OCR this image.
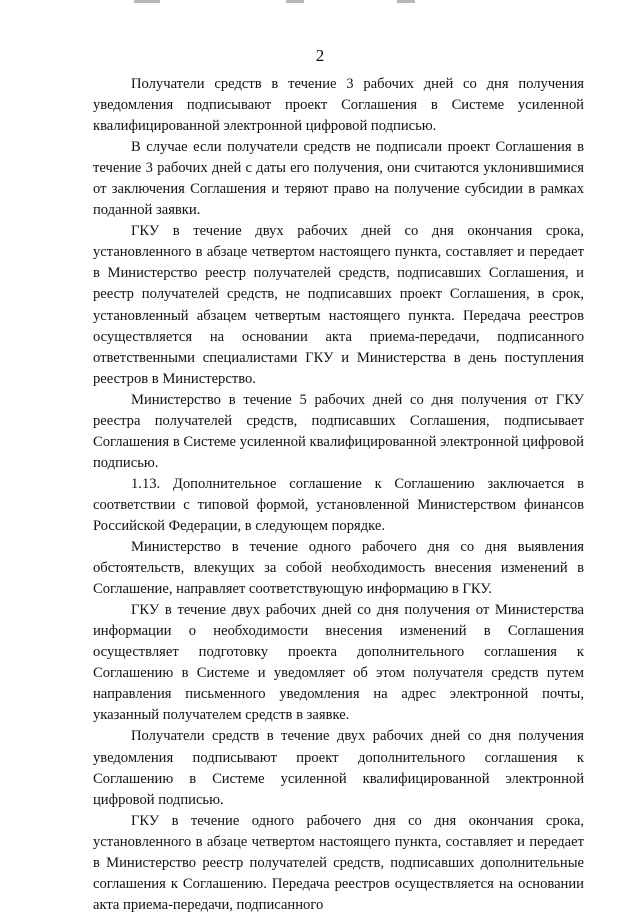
2

Получатели средств в течение 3 рабочих дней со дня получения уведомления подписывают проект Соглашения в Системе усиленной квалифицированной электронной цифровой подписью.

В случае если получатели средств не подписали проект Соглашения в течение 3 рабочих дней с даты его получения, они считаются уклонившимися от заключения Соглашения и теряют право на получение субсидии в рамках поданной заявки.

ГКУ в течение двух рабочих дней со дня окончания срока, установленного в абзаце четвертом настоящего пункта, составляет и передает в Министерство реестр получателей средств, подписавших Соглашения, и реестр получателей средств, не подписавших проект Соглашения, в срок, установленный абзацем четвертым настоящего пункта. Передача реестров осуществляется на основании акта приема-передачи, подписанного ответственными специалистами ГКУ и Министерства в день поступления реестров в Министерство.

Министерство в течение 5 рабочих дней со дня получения от ГКУ реестра получателей средств, подписавших Соглашения, подписывает Соглашения в Системе усиленной квалифицированной электронной цифровой подписью.

1.13. Дополнительное соглашение к Соглашению заключается в соответствии с типовой формой, установленной Министерством финансов Российской Федерации, в следующем порядке.

Министерство в течение одного рабочего дня со дня выявления обстоятельств, влекущих за собой необходимость внесения изменений в Соглашение, направляет соответствующую информацию в ГКУ.

ГКУ в течение двух рабочих дней со дня получения от Министерства информации о необходимости внесения изменений в Соглашения осуществляет подготовку проекта дополнительного соглашения к Соглашению в Системе и уведомляет об этом получателя средств путем направления письменного уведомления на адрес электронной почты, указанный получателем средств в заявке.

Получатели средств в течение двух рабочих дней со дня получения уведомления подписывают проект дополнительного соглашения к Соглашению в Системе усиленной квалифицированной электронной цифровой подписью.

ГКУ в течение одного рабочего дня со дня окончания срока, установленного в абзаце четвертом настоящего пункта, составляет и передает в Министерство реестр получателей средств, подписавших дополнительные соглашения к Соглашению. Передача реестров осуществляется на основании акта приема-передачи, подписанного
